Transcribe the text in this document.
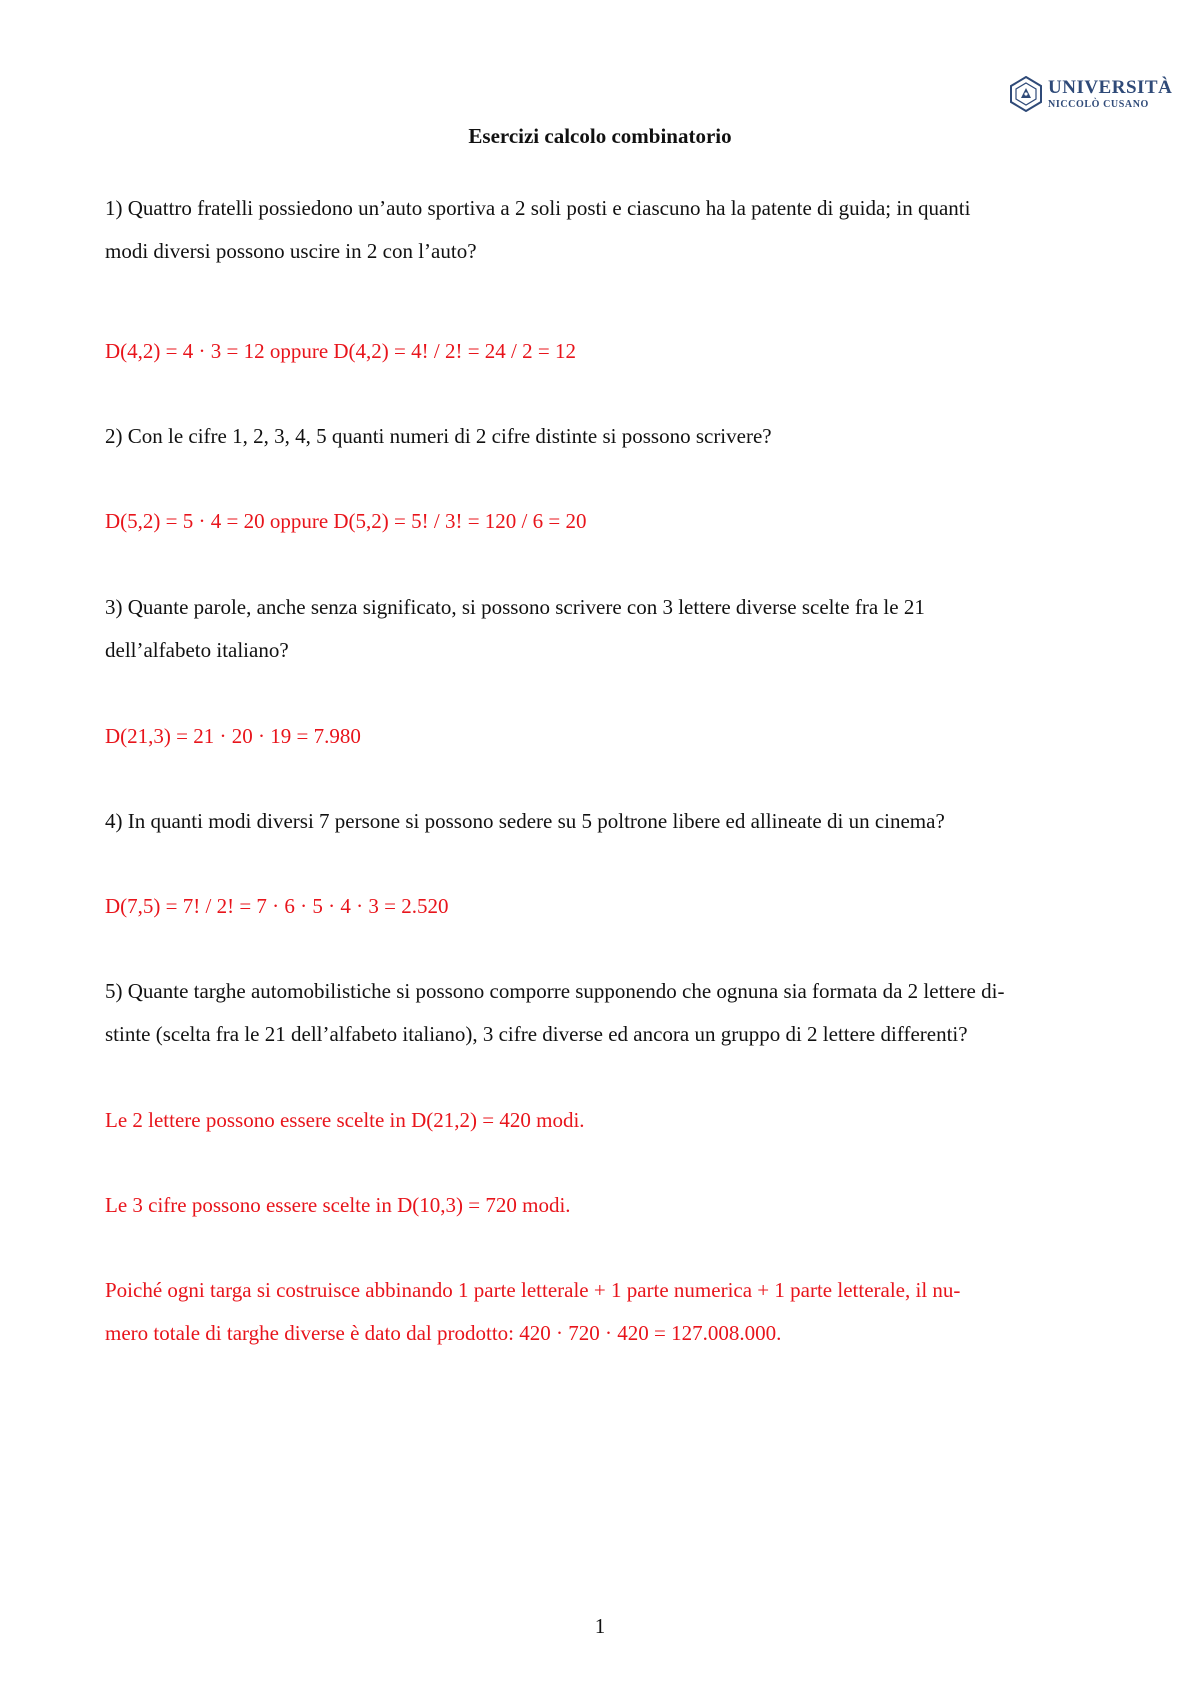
UNIVERSITÀ
NICCOLÒ CUSANO
Esercizi calcolo combinatorio
1) Quattro fratelli possiedono un’auto sportiva a 2 soli posti e ciascuno ha la patente di guida; in quanti
modi diversi possono uscire in 2 con l’auto?
D(4,2) = 4 · 3 = 12 oppure D(4,2) = 4! / 2! = 24 / 2 = 12
2) Con le cifre 1, 2, 3, 4, 5 quanti numeri di 2 cifre distinte si possono scrivere?
D(5,2) = 5 · 4 = 20 oppure D(5,2) = 5! / 3! = 120 / 6 = 20
3) Quante parole, anche senza significato, si possono scrivere con 3 lettere diverse scelte fra le 21
dell’alfabeto italiano?
D(21,3) = 21 · 20 · 19 = 7.980
4) In quanti modi diversi 7 persone si possono sedere su 5 poltrone libere ed allineate di un cinema?
D(7,5) = 7! / 2! = 7 · 6 · 5 · 4 · 3 = 2.520
5) Quante targhe automobilistiche si possono comporre supponendo che ognuna sia formata da 2 lettere di-
stinte (scelta fra le 21 dell’alfabeto italiano), 3 cifre diverse ed ancora un gruppo di 2 lettere differenti?
Le 2 lettere possono essere scelte in D(21,2) = 420 modi.
Le 3 cifre possono essere scelte in D(10,3) = 720 modi.
Poiché ogni targa si costruisce abbinando 1 parte letterale + 1 parte numerica + 1 parte letterale, il nu-
mero totale di targhe diverse è dato dal prodotto: 420 · 720 · 420 = 127.008.000.
1
